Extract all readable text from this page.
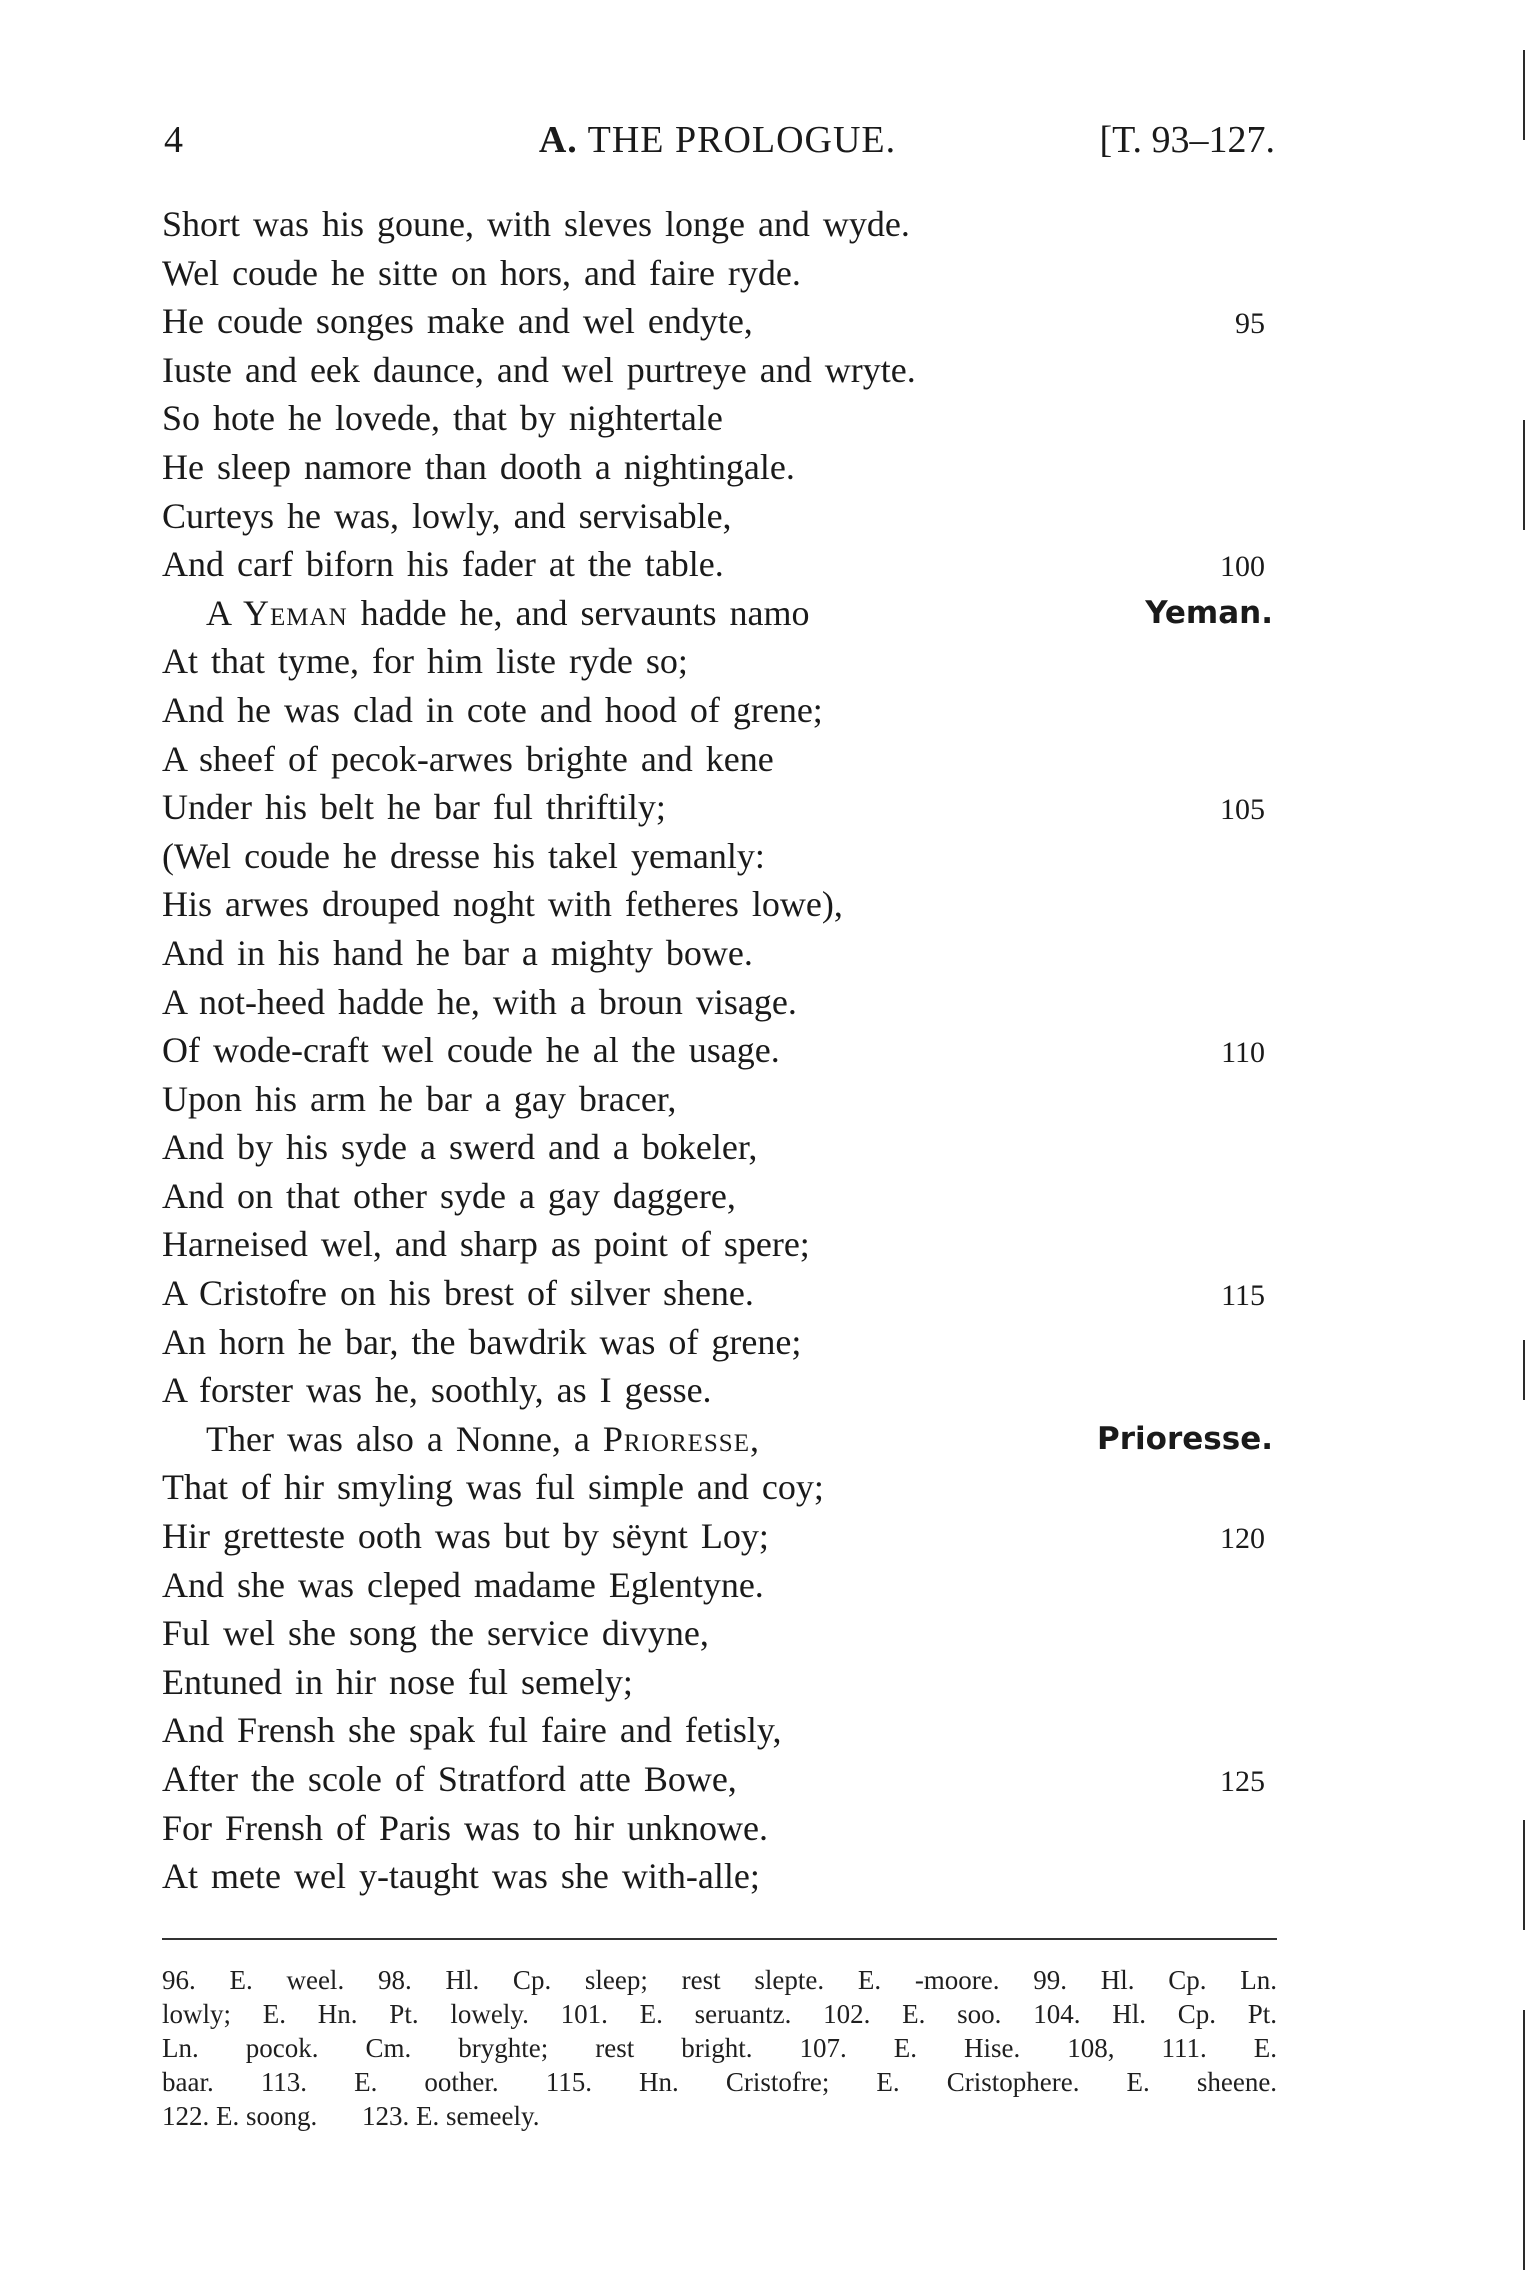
4	A. THE PROLOGUE.	[T. 93–127.
Short was his goune, with sleves longe and wyde.
Wel coude he sitte on hors, and faire ryde.
He coude songes make and wel endyte,	95
Iuste and eek daunce, and wel purtreye and wryte.
So hote he lovede, that by nightertale
He sleep namore than dooth a nightingale.
Curteys he was, lowly, and servisable,
And carf biforn his fader at the table.	100
A Yeman hadde he, and servaunts namo	Yeman.
At that tyme, for him liste ryde so;
And he was clad in cote and hood of grene;
A sheef of pecok-arwes brighte and kene
Under his belt he bar ful thriftily;	105
(Wel coude he dresse his takel yemanly:
His arwes drouped noght with fetheres lowe),
And in his hand he bar a mighty bowe.
A not-heed hadde he, with a broun visage.
Of wode-craft wel coude he al the usage.	110
Upon his arm he bar a gay bracer,
And by his syde a swerd and a bokeler,
And on that other syde a gay daggere,
Harneised wel, and sharp as point of spere;
A Cristofre on his brest of silver shene.	115
An horn he bar, the bawdrik was of grene;
A forster was he, soothly, as I gesse.
Ther was also a Nonne, a Prioresse,	Prioresse.
That of hir smyling was ful simple and coy;
Hir gretteste ooth was but by sëynt Loy;	120
And she was cleped madame Eglentyne.
Ful wel she song the service divyne,
Entuned in hir nose ful semely;
And Frensh she spak ful faire and fetisly,
After the scole of Stratford atte Bowe,	125
For Frensh of Paris was to hir unknowe.
At mete wel y-taught was she with-alle;
96. E. weel. 98. Hl. Cp. sleep; rest slepte. E. -moore. 99. Hl. Cp. Ln.
lowly; E. Hn. Pt. lowely. 101. E. seruantz. 102. E. soo. 104. Hl. Cp. Pt.
Ln. pocok. Cm. bryghte; rest bright. 107. E. Hise. 108, 111. E.
baar. 113. E. oother. 115. Hn. Cristofre; E. Cristophere. E. sheene.
122. E. soong. 123. E. semeely.
